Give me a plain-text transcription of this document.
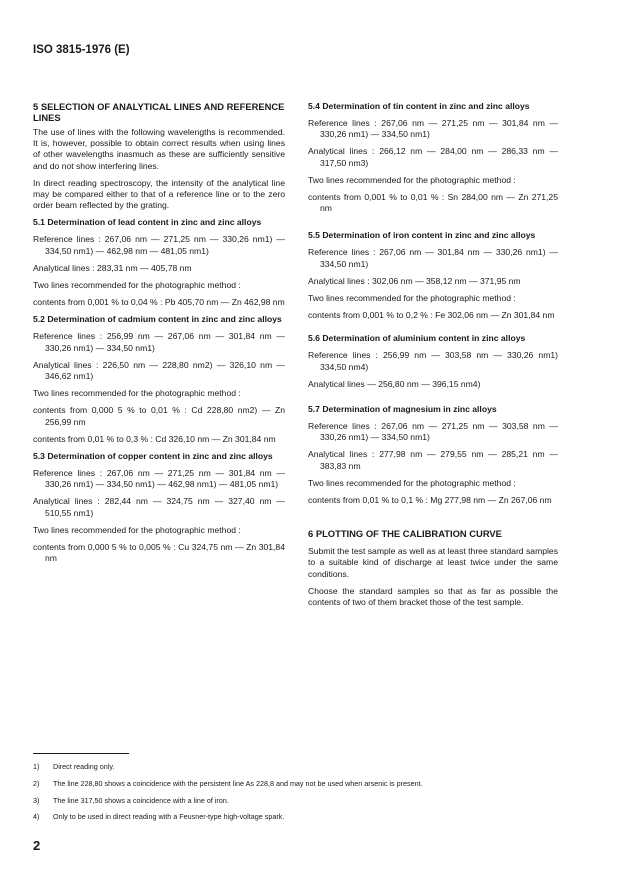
ISO 3815-1976 (E)
5 SELECTION OF ANALYTICAL LINES AND REFERENCE LINES
The use of lines with the following wavelengths is recommended. It is, however, possible to obtain correct results when using lines of other wavelengths inasmuch as these are sufficiently sensitive and do not show interfering lines.
In direct reading spectroscopy, the intensity of the analytical line may be compared either to that of a reference line or to the zero order beam reflected by the grating.
5.1 Determination of lead content in zinc and zinc alloys
Reference lines : 267,06 nm — 271,25 nm — 330,26 nm1) — 334,50 nm1) — 462,98 nm — 481,05 nm1)
Analytical lines : 283,31 nm — 405,78 nm
Two lines recommended for the photographic method :
contents from 0,001 % to 0,04 % : Pb 405,70 nm — Zn 462,98 nm
5.2 Determination of cadmium content in zinc and zinc alloys
Reference lines : 256,99 nm — 267,06 nm — 301,84 nm — 330,26 nm1) — 334,50 nm1)
Analytical lines : 226,50 nm — 228,80 nm2) — 326,10 nm — 346,62 nm1)
Two lines recommended for the photographic method :
contents from 0,000 5 % to 0,01 % : Cd 228,80 nm2) — Zn 256,99 nm
contents from 0,01 % to 0,3 % : Cd 326,10 nm — Zn 301,84 nm
5.3 Determination of copper content in zinc and zinc alloys
Reference lines : 267,06 nm — 271,25 nm — 301,84 nm — 330,26 nm1) — 334,50 nm1) — 462,98 nm1) — 481,05 nm1)
Analytical lines : 282,44 nm — 324,75 nm — 327,40 nm — 510,55 nm1)
Two lines recommended for the photographic method :
contents from 0,000 5 % to 0,005 % : Cu 324,75 nm — Zn 301,84 nm
5.4 Determination of tin content in zinc and zinc alloys
Reference lines : 267,06 nm — 271,25 nm — 301,84 nm — 330,26 nm1) — 334,50 nm1)
Analytical lines : 266,12 nm — 284,00 nm — 286,33 nm — 317,50 nm3)
Two lines recommended for the photographic method :
contents from 0,001 % to 0,01 % : Sn 284,00 nm — Zn 271,25 nm
5.5 Determination of iron content in zinc and zinc alloys
Reference lines : 267,06 nm — 301,84 nm — 330,26 nm1) — 334,50 nm1)
Analytical lines : 302,06 nm — 358,12 nm — 371,95 nm
Two lines recommended for the photographic method :
contents from 0,001 % to 0,2 % : Fe 302,06 nm — Zn 301,84 nm
5.6 Determination of aluminium content in zinc alloys
Reference lines : 256,99 nm — 303,58 nm — 330,26 nm1) 334,50 nm4)
Analytical lines — 256,80 nm — 396,15 nm4)
5.7 Determination of magnesium in zinc alloys
Reference lines : 267,06 nm — 271,25 nm — 303,58 nm — 330,26 nm1) — 334,50 nm1)
Analytical lines : 277,98 nm — 279,55 nm — 285,21 nm — 383,83 nm
Two lines recommended for the photographic method :
contents from 0,01 % to 0,1 % : Mg 277,98 nm — Zn 267,06 nm
6 PLOTTING OF THE CALIBRATION CURVE
Submit the test sample as well as at least three standard samples to a suitable kind of discharge at least twice under the same conditions.
Choose the standard samples so that as far as possible the contents of two of them bracket those of the test sample.
1) Direct reading only.
2) The line 228,80 shows a coincidence with the persistent line As 228,8 and may not be used when arsenic is present.
3) The line 317,50 shows a coincidence with a line of iron.
4) Only to be used in direct reading with a Feusner-type high-voltage spark.
2
